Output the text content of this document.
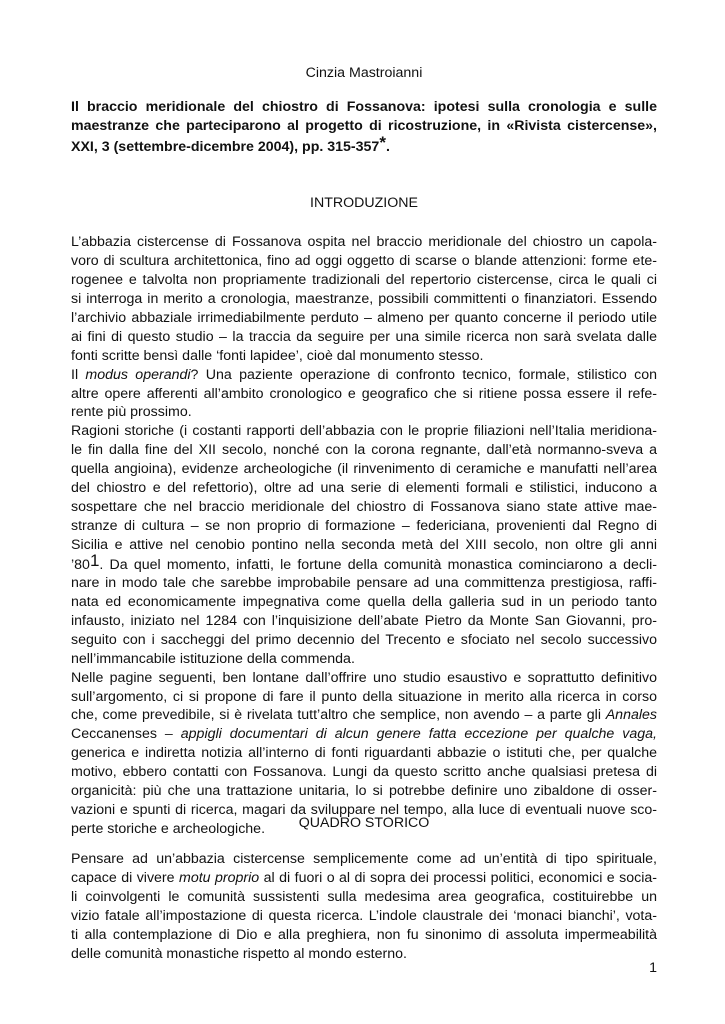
Cinzia Mastroianni
Il braccio meridionale del chiostro di Fossanova: ipotesi sulla cronologia e sulle
maestranze che parteciparono al progetto di ricostruzione, in «Rivista cistercense»,
XXI, 3 (settembre-dicembre 2004), pp. 315-357*.
INTRODUZIONE
L’abbazia cistercense di Fossanova ospita nel braccio meridionale del chiostro un capola-
voro di scultura architettonica, fino ad oggi oggetto di scarse o blande attenzioni: forme ete-
rogenee e talvolta non propriamente tradizionali del repertorio cistercense, circa le quali ci
si interroga in merito a cronologia, maestranze, possibili committenti o finanziatori. Essendo
l’archivio abbaziale irrimediabilmente perduto – almeno per quanto concerne il periodo utile
ai fini di questo studio – la traccia da seguire per una simile ricerca non sarà svelata dalle
fonti scritte bensì dalle ‘fonti lapidee’, cioè dal monumento stesso.
Il modus operandi? Una paziente operazione di confronto tecnico, formale, stilistico con
altre opere afferenti all’ambito cronologico e geografico che si ritiene possa essere il refe-
rente più prossimo.
Ragioni storiche (i costanti rapporti dell’abbazia con le proprie filiazioni nell’Italia meridiona-
le fin dalla fine del XII secolo, nonché con la corona regnante, dall’età normanno-sveva a
quella angioina), evidenze archeologiche (il rinvenimento di ceramiche e manufatti nell’area
del chiostro e del refettorio), oltre ad una serie di elementi formali e stilistici, inducono a
sospettare che nel braccio meridionale del chiostro di Fossanova siano state attive mae-
stranze di cultura – se non proprio di formazione – federiciana, provenienti dal Regno di
Sicilia e attive nel cenobio pontino nella seconda metà del XIII secolo, non oltre gli anni
$’80^1$. Da quel momento, infatti, le fortune della comunità monastica cominciarono a decli-
nare in modo tale che sarebbe improbabile pensare ad una committenza prestigiosa, raffi-
nata ed economicamente impegnativa come quella della galleria sud in un periodo tanto
infausto, iniziato nel 1284 con l’inquisizione dell’abate Pietro da Monte San Giovanni, pro-
seguito con i saccheggi del primo decennio del Trecento e sfociato nel secolo successivo
nell’immancabile istituzione della commenda.
Nelle pagine seguenti, ben lontane dall’offrire uno studio esaustivo e soprattutto definitivo
sull’argomento, ci si propone di fare il punto della situazione in merito alla ricerca in corso
che, come prevedibile, si è rivelata tutt’altro che semplice, non avendo – a parte gli Annales
Ceccanenses – appigli documentari di alcun genere fatta eccezione per qualche vaga,
generica e indiretta notizia all’interno di fonti riguardanti abbazie o istituti che, per qualche
motivo, ebbero contatti con Fossanova. Lungi da questo scritto anche qualsiasi pretesa di
organicità: più che una trattazione unitaria, lo si potrebbe definire uno zibaldone di osser-
vazioni e spunti di ricerca, magari da sviluppare nel tempo, alla luce di eventuali nuove sco-
perte storiche e archeologiche.	QUADRO STORICO
Pensare ad un’abbazia cistercense semplicemente come ad un’entità di tipo spirituale,
capace di vivere motu proprio al di fuori o al di sopra dei processi politici, economici e socia-
li coinvolgenti le comunità sussistenti sulla medesima area geografica, costituirebbe un
vizio fatale all’impostazione di questa ricerca. L’indole claustrale dei ‘monaci bianchi’, vota-
ti alla contemplazione di Dio e alla preghiera, non fu sinonimo di assoluta impermeabilità
delle comunità monastiche rispetto al mondo esterno.
1
